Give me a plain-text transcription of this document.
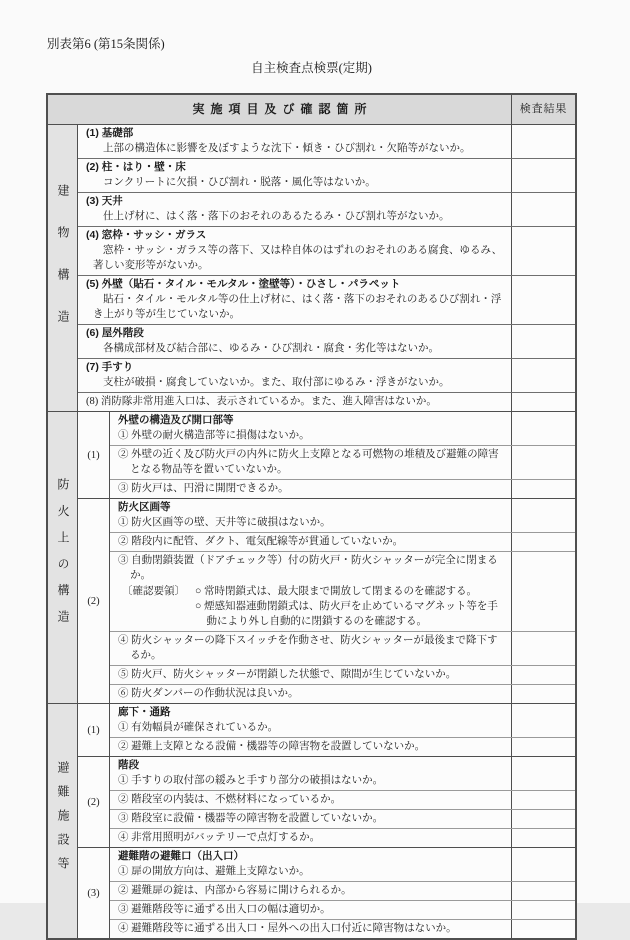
別表第6 (第15条関係)
自主検査点検票(定期)
実施項目及び確認箇所	検査結果
建物構造
(1) 基礎部
上部の構造体に影響を及ぼすような沈下・傾き・ひび割れ・欠陥等がないか。
(2) 柱・はり・壁・床
コンクリートに欠損・ひび割れ・脱落・風化等はないか。
(3) 天井
仕上げ材に、はく落・落下のおそれのあるたるみ・ひび割れ等がないか。
(4) 窓枠・サッシ・ガラス
窓枠・サッシ・ガラス等の落下、又は枠自体のはずれのおそれのある腐食、ゆるみ、著しい変形等がないか。
(5) 外壁（貼石・タイル・モルタル・塗壁等）・ひさし・パラペット
貼石・タイル・モルタル等の仕上げ材に、はく落・落下のおそれのあるひび割れ・浮き上がり等が生じていないか。
(6) 屋外階段
各構成部材及び結合部に、ゆるみ・ひび割れ・腐食・劣化等はないか。
(7) 手すり
支柱が破損・腐食していないか。また、取付部にゆるみ・浮きがないか。
(8) 消防隊非常用進入口は、表示されているか。また、進入障害はないか。
防火上の構造
(1)
外壁の構造及び開口部等
① 外壁の耐火構造部等に損傷はないか。
② 外壁の近く及び防火戸の内外に防火上支障となる可燃物の堆積及び避難の障害となる物品等を置いていないか。
③ 防火戸は、円滑に開閉できるか。
(2)
防火区画等
① 防火区画等の壁、天井等に破損はないか。
② 階段内に配管、ダクト、電気配線等が貫通していないか。
③ 自動閉鎖装置（ドアチェック等）付の防火戸・防火シャッターが完全に閉まるか。
〔確認要領〕 ○ 常時閉鎖式は、最大限まで開放して閉まるのを確認する。
○ 煙感知器連動閉鎖式は、防火戸を止めているマグネット等を手動により外し自動的に閉鎖するのを確認する。
④ 防火シャッターの降下スイッチを作動させ、防火シャッターが最後まで降下するか。
⑤ 防火戸、防火シャッターが閉鎖した状態で、隙間が生じていないか。
⑥ 防火ダンパーの作動状況は良いか。
避難施設等
(1)
廊下・通路
① 有効幅員が確保されているか。
② 避難上支障となる設備・機器等の障害物を設置していないか。
(2)
階段
① 手すりの取付部の緩みと手すり部分の破損はないか。
② 階段室の内装は、不燃材料になっているか。
③ 階段室に設備・機器等の障害物を設置していないか。
④ 非常用照明がバッテリーで点灯するか。
(3)
避難階の避難口（出入口）
① 扉の開放方向は、避難上支障ないか。
② 避難扉の錠は、内部から容易に開けられるか。
③ 避難階段等に通ずる出入口の幅は適切か。
④ 避難階段等に通ずる出入口・屋外への出入口付近に障害物はないか。
